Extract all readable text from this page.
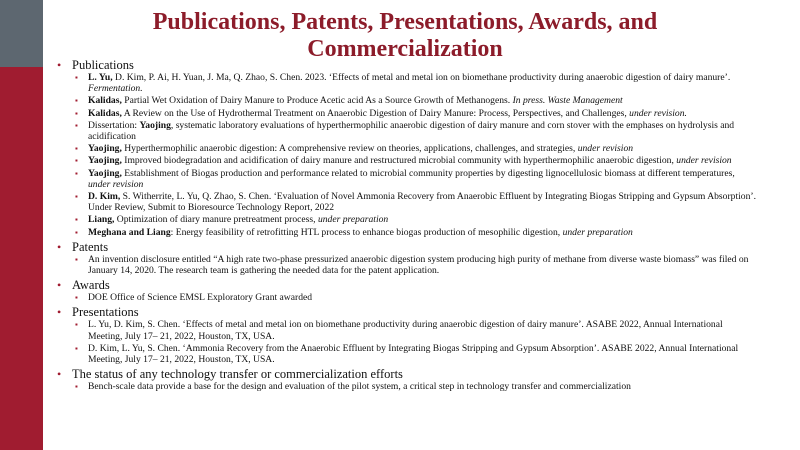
Publications, Patents, Presentations, Awards, and Commercialization
• Publications
▪ L. Yu, D. Kim, P. Ai, H. Yuan, J. Ma, Q. Zhao, S. Chen. 2023. ‘Effects of metal and metal ion on biomethane productivity during anaerobic digestion of dairy manure’. Fermentation.
▪ Kalidas, Partial Wet Oxidation of Dairy Manure to Produce Acetic acid As a Source Growth of Methanogens. In press. Waste Management
▪ Kalidas, A Review on the Use of Hydrothermal Treatment on Anaerobic Digestion of Dairy Manure: Process, Perspectives, and Challenges, under revision.
▪ Dissertation: Yaojing, systematic laboratory evaluations of hyperthermophilic anaerobic digestion of dairy manure and corn stover with the emphases on hydrolysis and acidification
▪ Yaojing, Hyperthermophilic anaerobic digestion: A comprehensive review on theories, applications, challenges, and strategies, under revision
▪ Yaojing, Improved biodegradation and acidification of dairy manure and restructured microbial community with hyperthermophilic anaerobic digestion, under revision
▪ Yaojing, Establishment of Biogas production and performance related to microbial community properties by digesting lignocellulosic biomass at different temperatures, under revision
▪ D. Kim, S. Witherrite, L. Yu, Q. Zhao, S. Chen. ‘Evaluation of Novel Ammonia Recovery from Anaerobic Effluent by Integrating Biogas Stripping and Gypsum Absorption’. Under Review, Submit to Bioresource Technology Report, 2022
▪ Liang, Optimization of diary manure pretreatment process, under preparation
▪ Meghana and Liang: Energy feasibility of retrofitting HTL process to enhance biogas production of mesophilic digestion, under preparation
• Patents
▪ An invention disclosure entitled “A high rate two-phase pressurized anaerobic digestion system producing high purity of methane from diverse waste biomass” was filed on January 14, 2020. The research team is gathering the needed data for the patent application.
• Awards
▪ DOE Office of Science EMSL Exploratory Grant awarded
• Presentations
▪ L. Yu, D. Kim, S. Chen. ‘Effects of metal and metal ion on biomethane productivity during anaerobic digestion of dairy manure’. ASABE 2022, Annual International Meeting, July 17– 21, 2022, Houston, TX, USA.
▪ D. Kim, L. Yu, S. Chen. ‘Ammonia Recovery from the Anaerobic Effluent by Integrating Biogas Stripping and Gypsum Absorption’. ASABE 2022, Annual International Meeting, July 17– 21, 2022, Houston, TX, USA.
• The status of any technology transfer or commercialization efforts
▪ Bench-scale data provide a base for the design and evaluation of the pilot system, a critical step in technology transfer and commercialization
